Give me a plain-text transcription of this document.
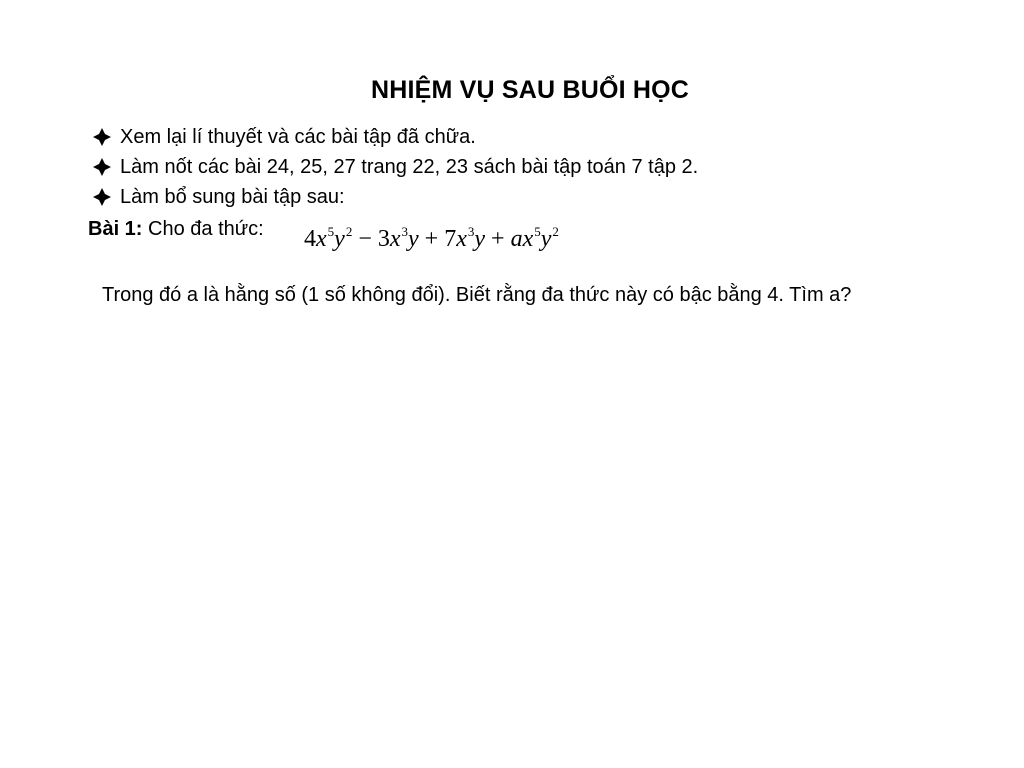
NHIỆM VỤ SAU BUỔI HỌC
Xem lại lí thuyết và các bài tập đã chữa.
Làm nốt các bài 24, 25, 27 trang 22, 23 sách bài tập toán 7 tập 2.
Làm bổ sung bài tập sau:
Bài 1: Cho đa thức: $4x^5y^2 - 3x^3y + 7x^3y + ax^5y^2$
Trong đó a là hằng số (1 số không đổi). Biết rằng đa thức này có bậc bằng 4. Tìm a?
